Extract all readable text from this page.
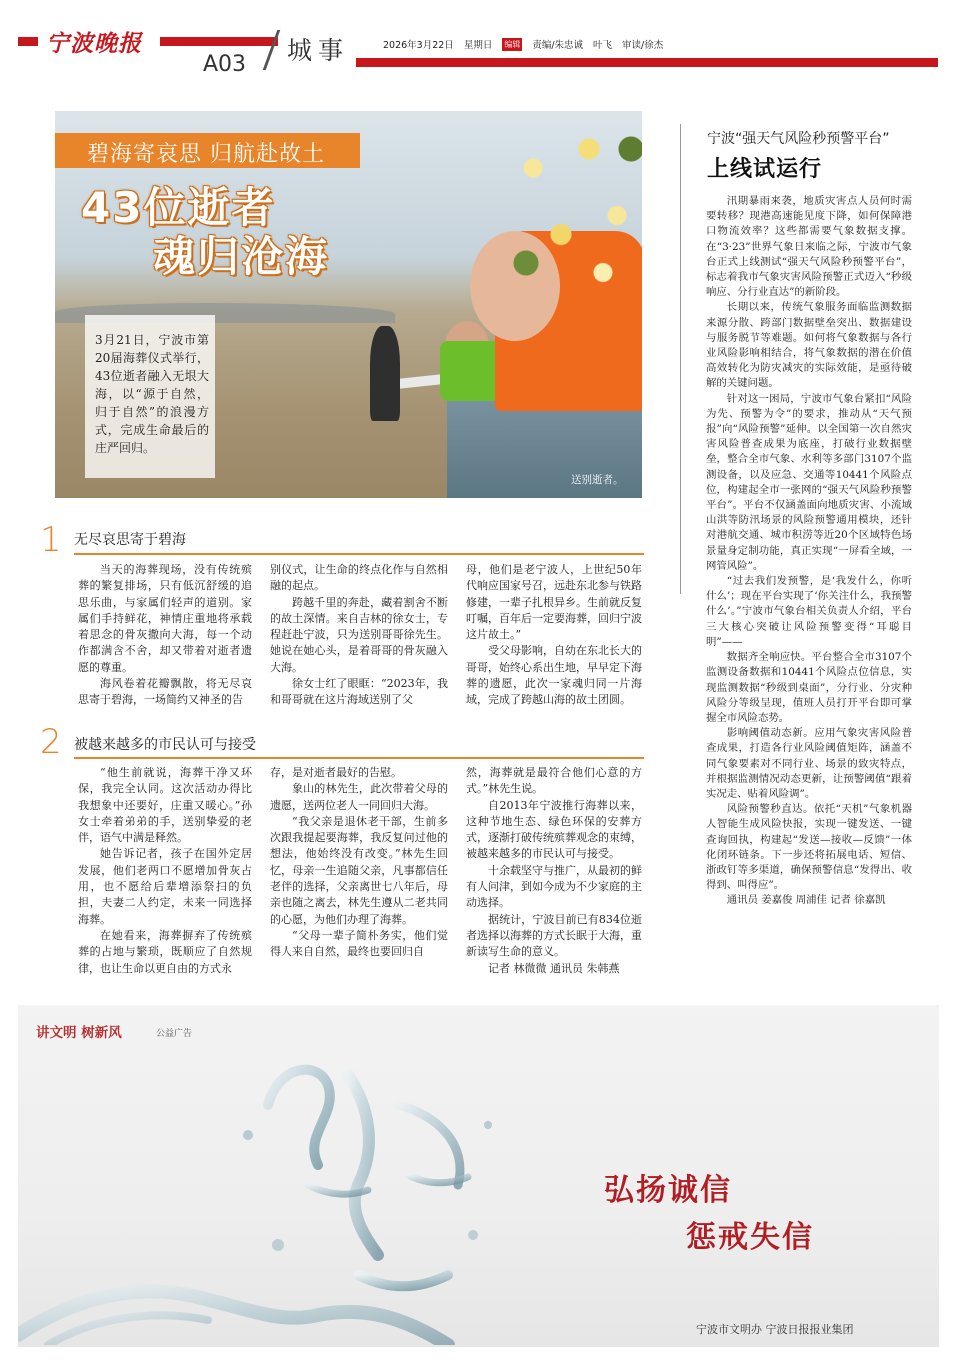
宁波晚报
A03 城事	2026年3月22日 星期日 编辑 责编/朱忠诚 叶飞 审读/徐杰
碧海寄哀思 归航赴故土
43位逝者
魂归沧海

3月21日，宁波市第20届海葬仪式举行，43位逝者融入无垠大海，以“源于自然，归于自然”的浪漫方式，完成生命最后的庄严回归。

送别逝者。
1 无尽哀思寄于碧海

当天的海葬现场，没有传统殡葬的繁复排场，只有低沉舒缓的追思乐曲，与家属们轻声的道别。家属们手持鲜花，神情庄重地将承载着思念的骨灰撒向大海，每一个动作都满含不舍，却又带着对逝者遗愿的尊重。

海风卷着花瓣飘散，将无尽哀思寄于碧海，一场简约又神圣的告

别仪式，让生命的终点化作与自然相融的起点。

跨越千里的奔赴，藏着割舍不断的故土深情。来自吉林的徐女士，专程赶赴宁波，只为送别哥哥徐先生。她说在她心头，是着哥哥的骨灰融入大海。

徐女士红了眼眶：“2023年，我和哥哥就在这片海域送别了父

母，他们是老宁波人，上世纪50年代响应国家号召，远赴东北参与铁路修建，一辈子扎根异乡。生前就反复叮嘱，百年后一定要海葬，回归宁波这片故土。”

受父母影响，自幼在东北长大的哥哥，始终心系出生地，早早定下海葬的遗愿，此次一家魂归同一片海域，完成了跨越山海的故土团圆。

2 被越来越多的市民认可与接受

“他生前就说，海葬干净又环保，我完全认同。这次活动办得比我想象中还要好，庄重又暖心。”孙女士牵着弟弟的手，送别挚爱的老伴，语气中满是释然。

她告诉记者，孩子在国外定居发展，他们老两口不愿增加骨灰占用，也不愿给后辈增添祭扫的负担，夫妻二人约定，未来一同选择海葬。

在她看来，海葬摒弃了传统殡葬的占地与繁琐，既顺应了自然规律，也让生命以更自由的方式永

存，是对逝者最好的告慰。

象山的林先生，此次带着父母的遗愿，送两位老人一同回归大海。

“我父亲是退休老干部，生前多次跟我提起要海葬，我反复问过他的想法，他始终没有改变。”林先生回忆，母亲一生追随父亲，凡事都信任老伴的选择，父亲离世七八年后，母亲也随之离去，林先生遵从二老共同的心愿，为他们办理了海葬。

“父母一辈子简朴务实，他们觉得人来自自然，最终也要回归自

然，海葬就是最符合他们心意的方式。”林先生说。

自2013年宁波推行海葬以来，这种节地生态、绿色环保的安葬方式，逐渐打破传统殡葬观念的束缚，被越来越多的市民认可与接受。

十余载坚守与推广，从最初的鲜有人问津，到如今成为不少家庭的主动选择。

据统计，宁波目前已有834位逝者选择以海葬的方式长眠于大海，重新读写生命的意义。

记者 林微微 通讯员 朱韩燕

宁波“强天气风险秒预警平台”
上线试运行

汛期暴雨来袭，地质灾害点人员何时需要转移？现港高速能见度下降，如何保障港口物流效率？这些都需要气象数据支撑。在“3·23”世界气象日来临之际，宁波市气象台正式上线测试“强天气风险秒预警平台”，标志着我市气象灾害风险预警正式迈入“秒级响应、分行业直达”的新阶段。

长期以来，传统气象服务面临监测数据来源分散、跨部门数据壁垒突出、数据建设与服务脱节等难题。如何将气象数据与各行业风险影响相结合，将气象数据的潜在价值高效转化为防灾减灾的实际效能，是亟待破解的关键问题。

针对这一困局，宁波市气象台紧扣“风险为先、预警为令”的要求，推动从“天气预报”向“风险预警”延伸。以全国第一次自然灾害风险普查成果为底座，打破行业数据壁垒，整合全市气象、水利等多部门3107个监测设备，以及应急、交通等10441个风险点位，构建起全市一张网的“强天气风险秒预警平台”。平台不仅涵盖面向地质灾害、小流域山洪等防汛场景的风险预警通用模块，还针对港航交通、城市积涝等近20个区域特色场景量身定制功能，真正实现“一屏看全域，一网管风险”。

“过去我们发预警，是‘我发什么，你听什么’；现在平台实现了‘你关注什么，我预警什么’。”宁波市气象台相关负责人介绍，平台三大核心突破让风险预警变得“耳聪目明”——

数据齐全响应快。平台整合全市3107个监测设备数据和10441个风险点位信息，实现监测数据“秒级到桌面”，分行业、分灾种风险分等级呈现，值班人员打开平台即可掌握全市风险态势。

影响阈值动态新。应用气象灾害风险普查成果，打造各行业风险阈值矩阵，涵盖不同气象要素对不同行业、场景的致灾特点，并根据监测情况动态更新，让预警阈值“跟着实况走、贴着风险调”。

风险预警秒直达。依托“天机”气象机器人智能生成风险快报，实现一键发送、一键查询回执，构建起“发送—接收—反馈”一体化闭环链条。下一步还将拓展电话、短信、浙政钉等多渠道，确保预警信息“发得出、收得到、叫得应”。

通讯员 姜嘉俊 周浦佳 记者 徐嘉凯

讲文明 树新风	公益广告
弘扬诚信
惩戒失信
宁波市文明办 宁波日报报业集团
